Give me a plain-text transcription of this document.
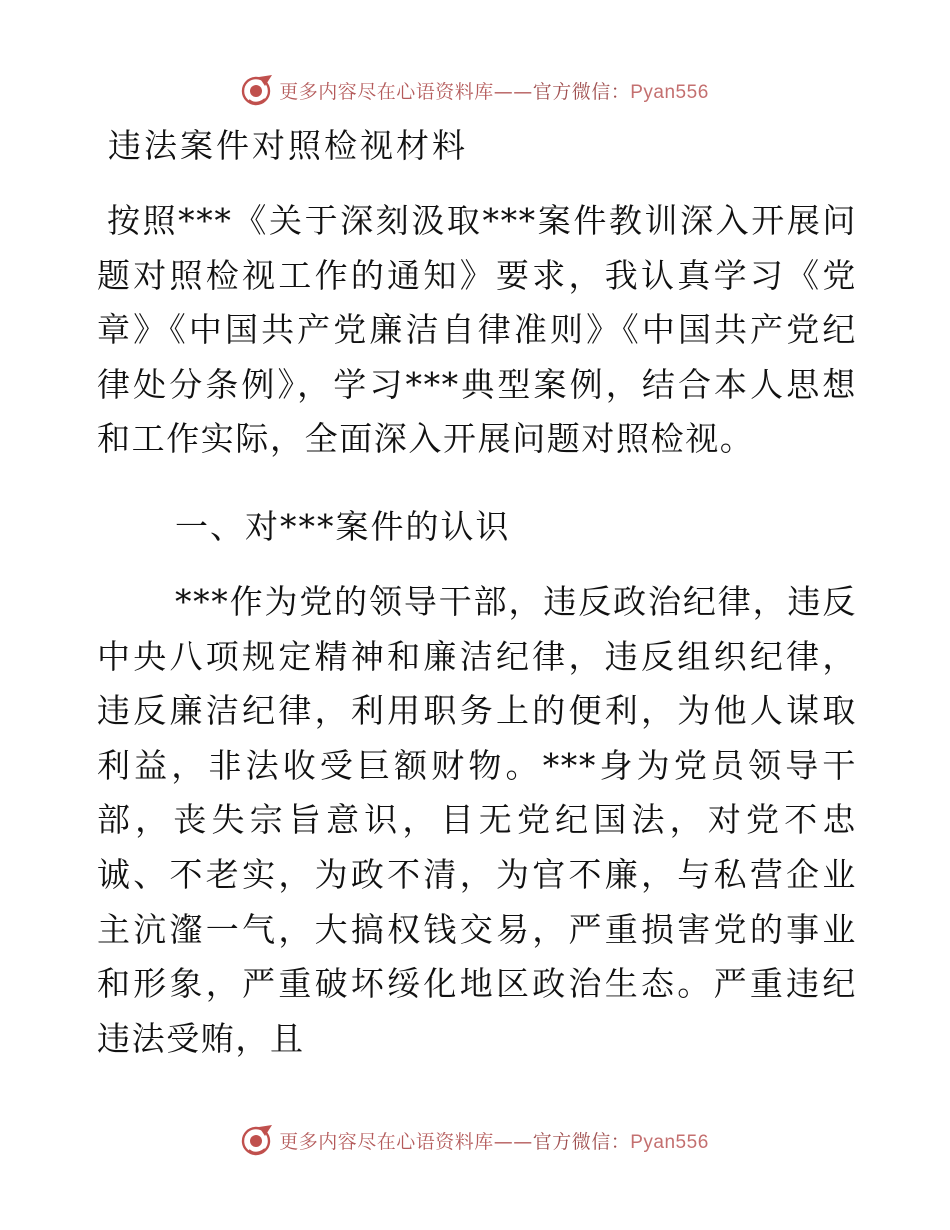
更多内容尽在心语资料库——官方微信：Pyan556
违法案件对照检视材料

按照***《关于深刻汲取***案件教训深入开展问题对照检视工作的通知》要求，我认真学习《党章》《中国共产党廉洁自律准则》《中国共产党纪律处分条例》，学习***典型案例，结合本人思想和工作实际，全面深入开展问题对照检视。

一、对***案件的认识

***作为党的领导干部，违反政治纪律，违反中央八项规定精神和廉洁纪律，违反组织纪律，违反廉洁纪律，利用职务上的便利，为他人谋取利益，非法收受巨额财物。***身为党员领导干部，丧失宗旨意识，目无党纪国法，对党不忠诚、不老实，为政不清，为官不廉，与私营企业主沆瀣一气，大搞权钱交易，严重损害党的事业和形象，严重破坏绥化地区政治生态。严重违纪违法受贿，且

更多内容尽在心语资料库——官方微信：Pyan556
